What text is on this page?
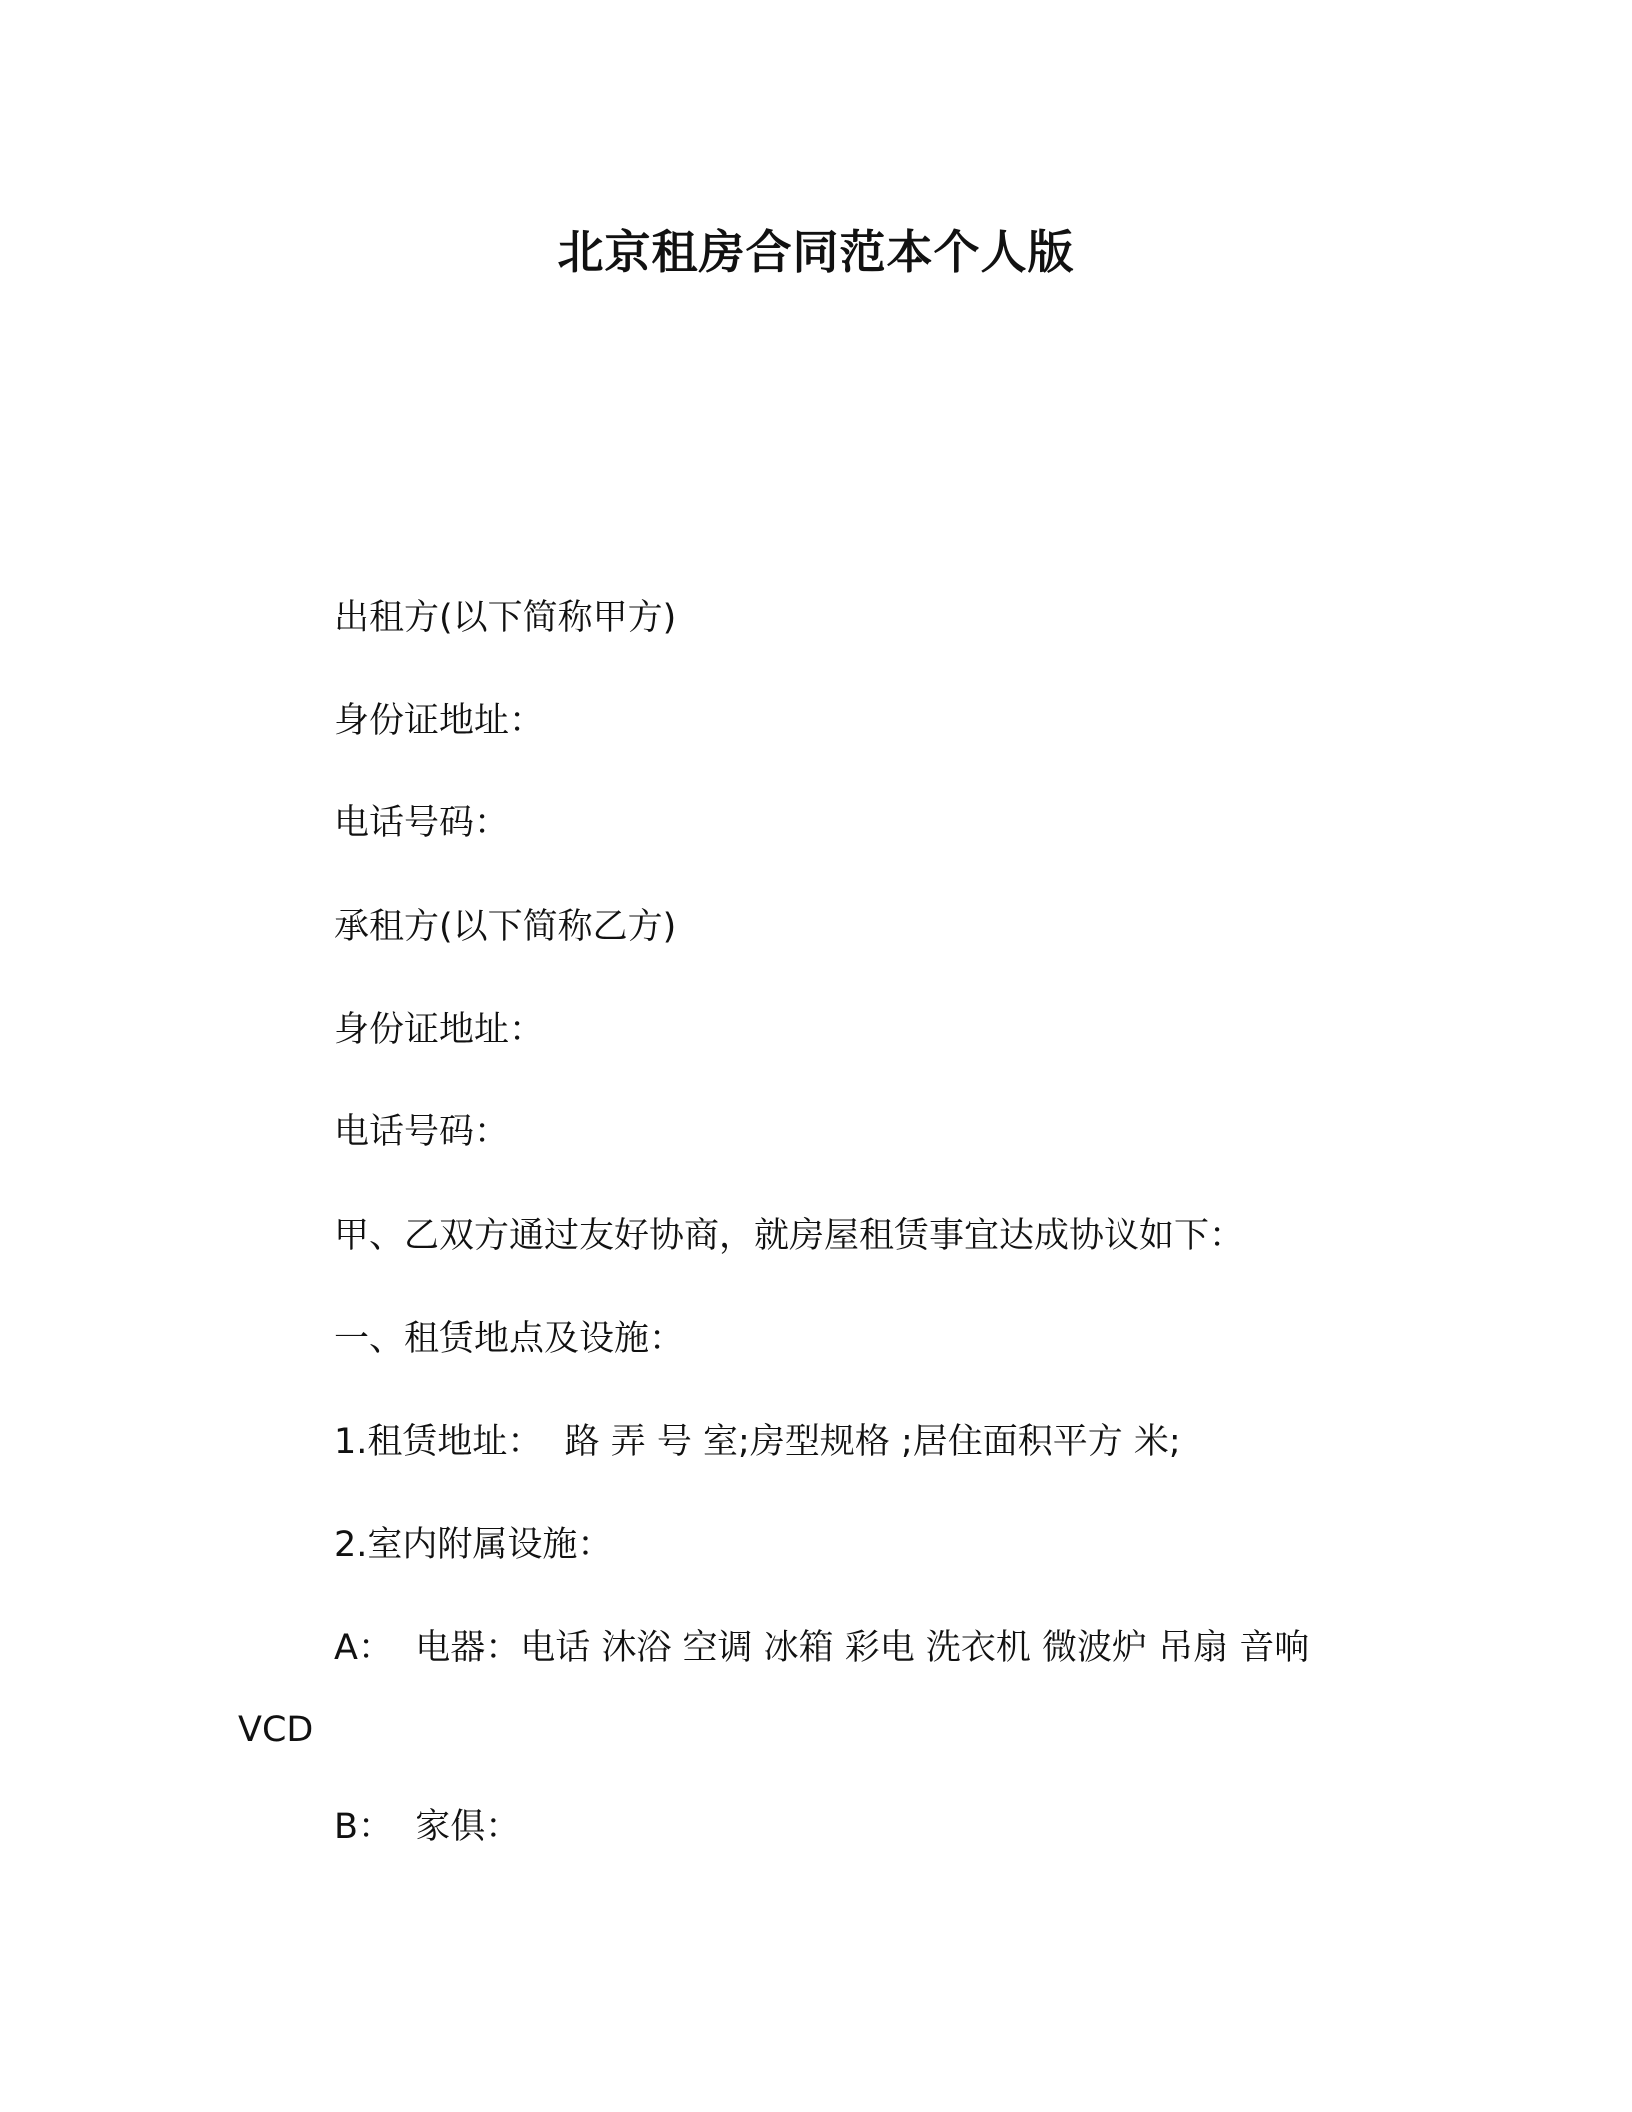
北京租房合同范本个人版
出租方(以下简称甲方)
身份证地址：
电话号码：
承租方(以下简称乙方)
身份证地址：
电话号码：
甲、乙双方通过友好协商，就房屋租赁事宜达成协议如下：
一、租赁地点及设施：
1.租赁地址：  路 弄 号 室;房型规格 ;居住面积平方 米;
2.室内附属设施：
A：  电器：电话 沐浴 空调 冰箱 彩电 洗衣机 微波炉 吊扇 音响
VCD
B：  家俱：
